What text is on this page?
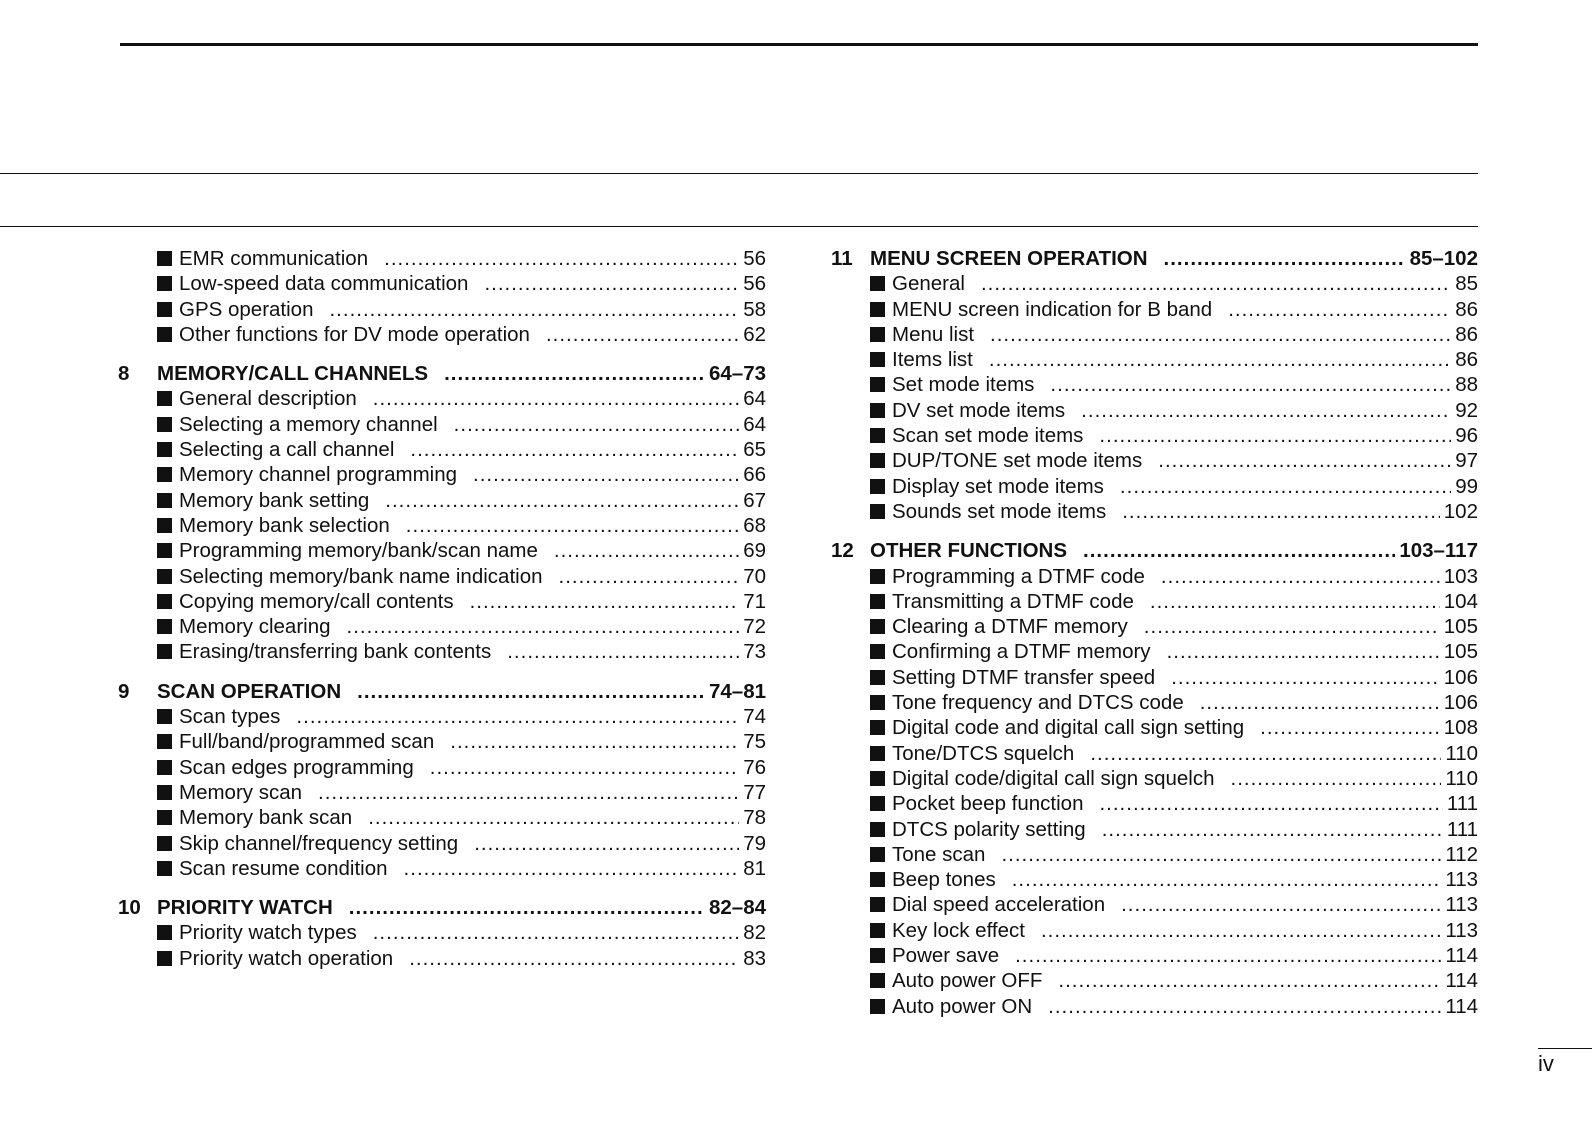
EMR communication .....	56
Low-speed data communication .....	56
GPS operation .....	58
Other functions for DV mode operation .....	62
8	MEMORY/CALL CHANNELS .....	64–73
General description .....	64
Selecting a memory channel .....	64
Selecting a call channel .....	65
Memory channel programming .....	66
Memory bank setting .....	67
Memory bank selection .....	68
Programming memory/bank/scan name .....	69
Selecting memory/bank name indication .....	70
Copying memory/call contents .....	71
Memory clearing .....	72
Erasing/transferring bank contents .....	73
9	SCAN OPERATION .....	74–81
Scan types .....	74
Full/band/programmed scan .....	75
Scan edges programming .....	76
Memory scan .....	77
Memory bank scan .....	78
Skip channel/frequency setting .....	79
Scan resume condition .....	81
10 PRIORITY WATCH .....	82–84
Priority watch types .....	82
Priority watch operation .....	83
11 MENU SCREEN OPERATION .....	85–102
General .....	85
MENU screen indication for B band .....	86
Menu list .....	86
Items list .....	86
Set mode items .....	88
DV set mode items .....	92
Scan set mode items .....	96
DUP/TONE set mode items .....	97
Display set mode items .....	99
Sounds set mode items .....	102
12 OTHER FUNCTIONS .....	103–117
Programming a DTMF code .....	103
Transmitting a DTMF code .....	104
Clearing a DTMF memory .....	105
Confirming a DTMF memory .....	105
Setting DTMF transfer speed .....	106
Tone frequency and DTCS code .....	106
Digital code and digital call sign setting .....	108
Tone/DTCS squelch .....	110
Digital code/digital call sign squelch .....	110
Pocket beep function .....	111
DTCS polarity setting .....	111
Tone scan .....	112
Beep tones .....	113
Dial speed acceleration .....	113
Key lock effect .....	113
Power save .....	114
Auto power OFF .....	114
Auto power ON .....	114
iv
